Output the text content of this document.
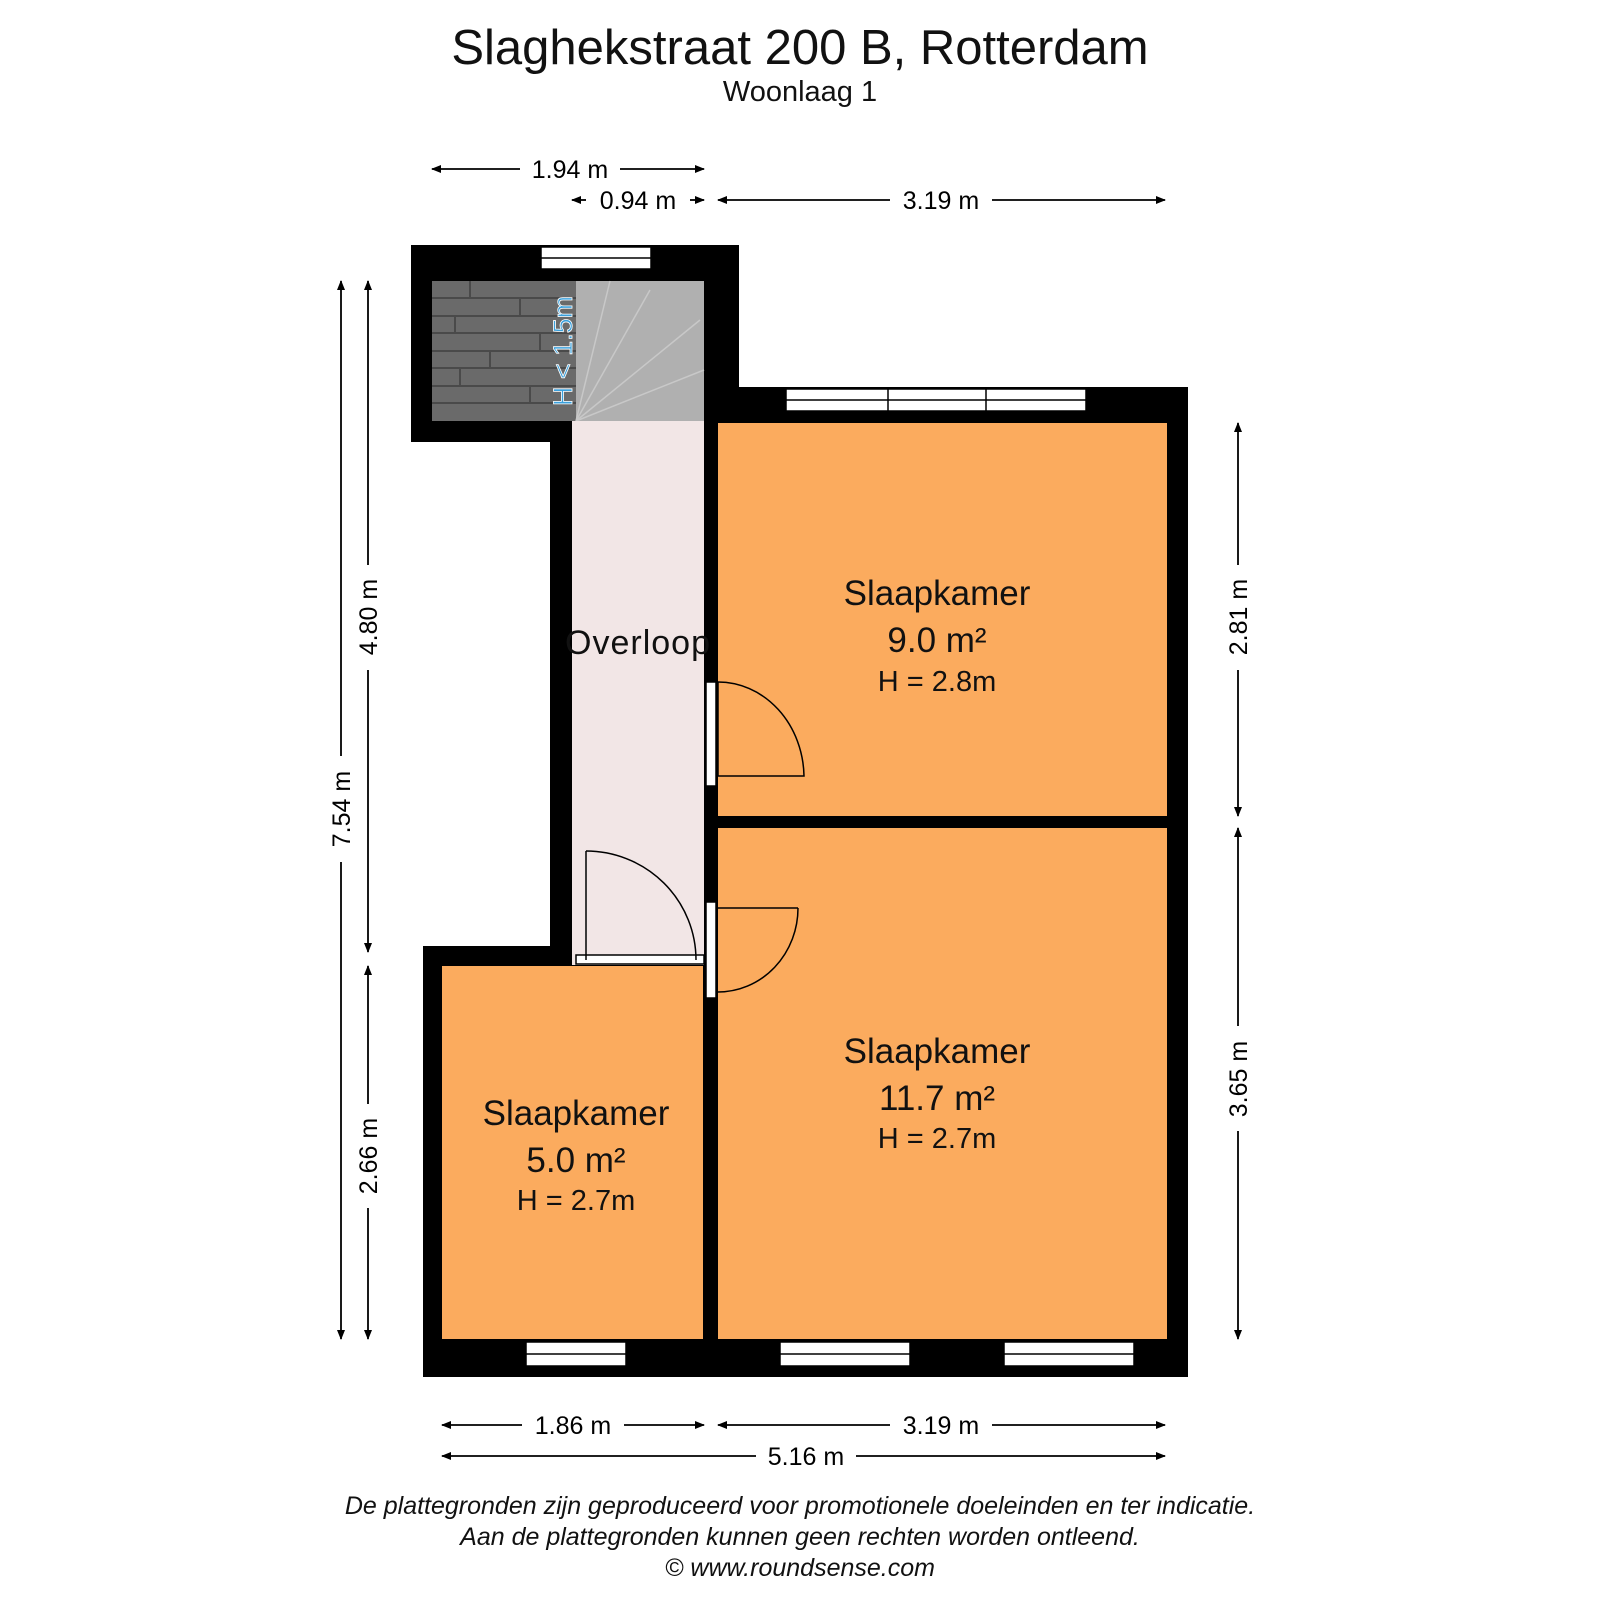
Slaghekstraat 200 B, Rotterdam
Woonlaag 1
1.94 m
0.94 m	3.19 m
7.54 m
4.80 m
2.66 m
2.81 m
3.65 m
1.86 m	3.19 m
5.16 m
H < 1.5m
Overloop
Slaapkamer
9.0 m²
H = 2.8m
Slaapkamer
11.7 m²
H = 2.7m
Slaapkamer
5.0 m²
H = 2.7m
De plattegronden zijn geproduceerd voor promotionele doeleinden en ter indicatie.
Aan de plattegronden kunnen geen rechten worden ontleend.
© www.roundsense.com
